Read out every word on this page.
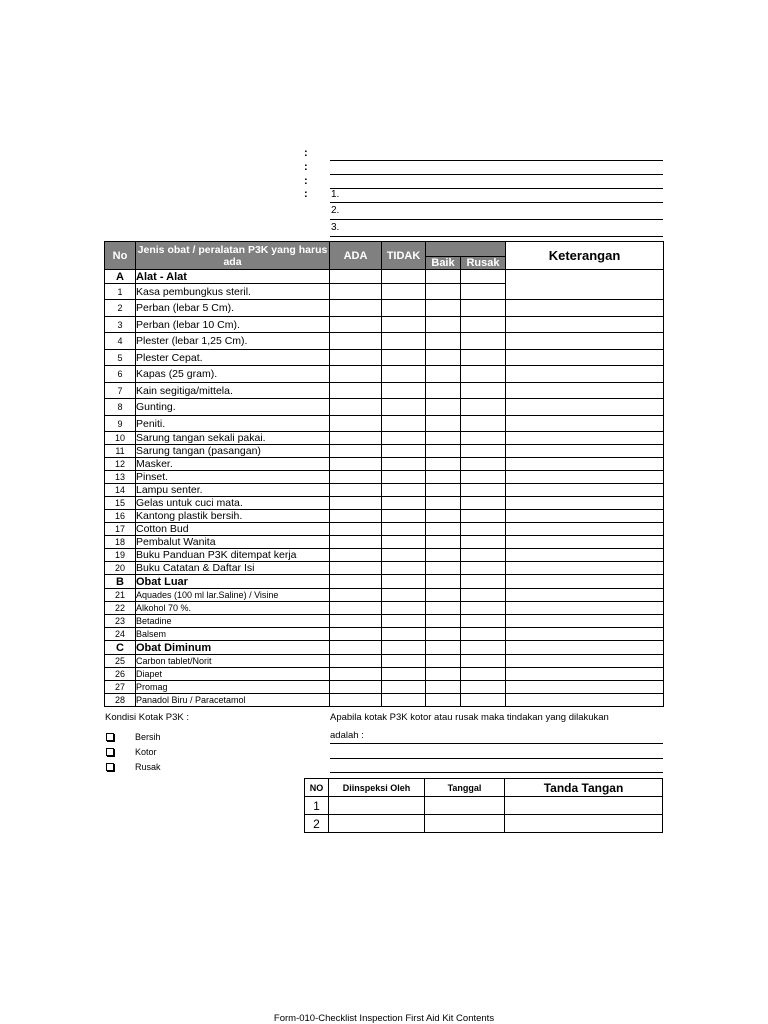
:
:
:
: 1.
2.
3.
No	Jenis obat / peralatan P3K yang harus ada	ADA	TIDAK			Keterangan
				Baik	Rusak	
A	Alat - Alat					
1	Kasa pembungkus steril.					
2	Perban (lebar 5 Cm).					
3	Perban (lebar 10 Cm).					
4	Plester (lebar 1,25 Cm).					
5	Plester Cepat.					
6	Kapas (25 gram).					
7	Kain segitiga/mittela.					
8	Gunting.					
9	Peniti.					
10	Sarung tangan sekali pakai.					
11	Sarung tangan (pasangan)					
12	Masker.					
13	Pinset.					
14	Lampu senter.					
15	Gelas untuk cuci mata.					
16	Kantong plastik bersih.					
17	Cotton Bud					
18	Pembalut Wanita					
19	Buku Panduan P3K ditempat kerja					
20	Buku Catatan & Daftar Isi					
B	Obat Luar					
21	Aquades (100 ml lar.Saline) / Visine					
22	Alkohol 70 %.					
23	Betadine					
24	Balsem					
C	Obat Diminum					
25	Carbon tablet/Norit					
26	Diapet					
27	Promag					
28	Panadol Biru / Paracetamol					
Kondisi Kotak P3K :
Bersih
Kotor
Rusak
Apabila kotak P3K kotor atau rusak maka tindakan yang dilakukan
adalah :
NO	Diinspeksi Oleh	Tanggal	Tanda Tangan
1			
2			
Form-010-Checklist Inspection First Aid Kit Contents
